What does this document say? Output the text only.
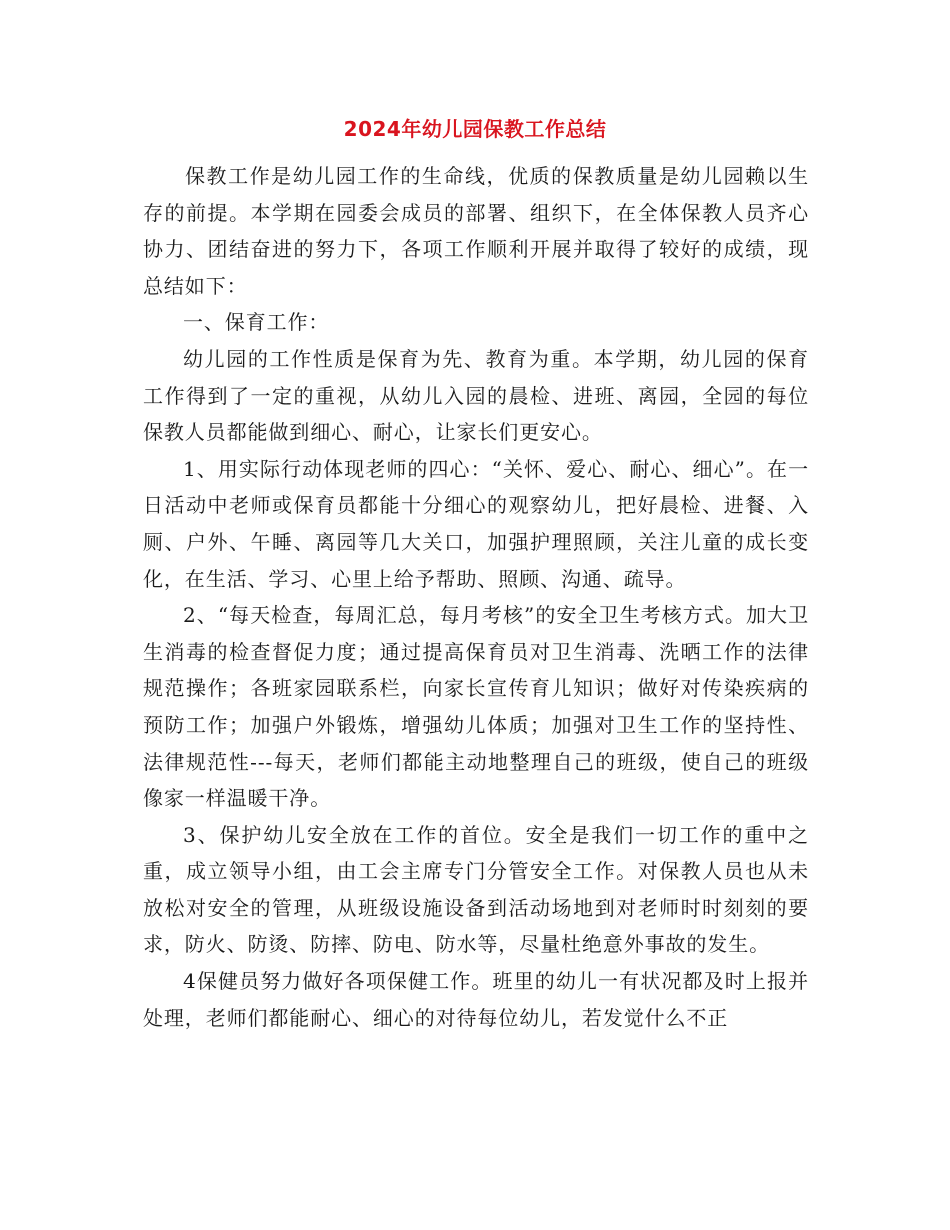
2024年幼儿园保教工作总结

保教工作是幼儿园工作的生命线，优质的保教质量是幼儿园赖以生存的前提。本学期在园委会成员的部署、组织下，在全体保教人员齐心协力、团结奋进的努力下，各项工作顺利开展并取得了较好的成绩，现总结如下：

一、保育工作：

幼儿园的工作性质是保育为先、教育为重。本学期，幼儿园的保育工作得到了一定的重视，从幼儿入园的晨检、进班、离园，全园的每位保教人员都能做到细心、耐心，让家长们更安心。

1、用实际行动体现老师的四心：“关怀、爱心、耐心、细心”。在一日活动中老师或保育员都能十分细心的观察幼儿，把好晨检、进餐、入厕、户外、午睡、离园等几大关口，加强护理照顾，关注儿童的成长变化，在生活、学习、心里上给予帮助、照顾、沟通、疏导。

2、“每天检查，每周汇总，每月考核”的安全卫生考核方式。加大卫生消毒的检查督促力度；通过提高保育员对卫生消毒、洗晒工作的法律规范操作；各班家园联系栏，向家长宣传育儿知识；做好对传染疾病的预防工作；加强户外锻炼，增强幼儿体质；加强对卫生工作的坚持性、法律规范性---每天，老师们都能主动地整理自己的班级，使自己的班级像家一样温暖干净。

3、保护幼儿安全放在工作的首位。安全是我们一切工作的重中之重，成立领导小组，由工会主席专门分管安全工作。对保教人员也从未放松对安全的管理，从班级设施设备到活动场地到对老师时时刻刻的要求，防火、防烫、防摔、防电、防水等，尽量杜绝意外事故的发生。

4保健员努力做好各项保健工作。班里的幼儿一有状况都及时上报并处理，老师们都能耐心、细心的对待每位幼儿，若发觉什么不正
